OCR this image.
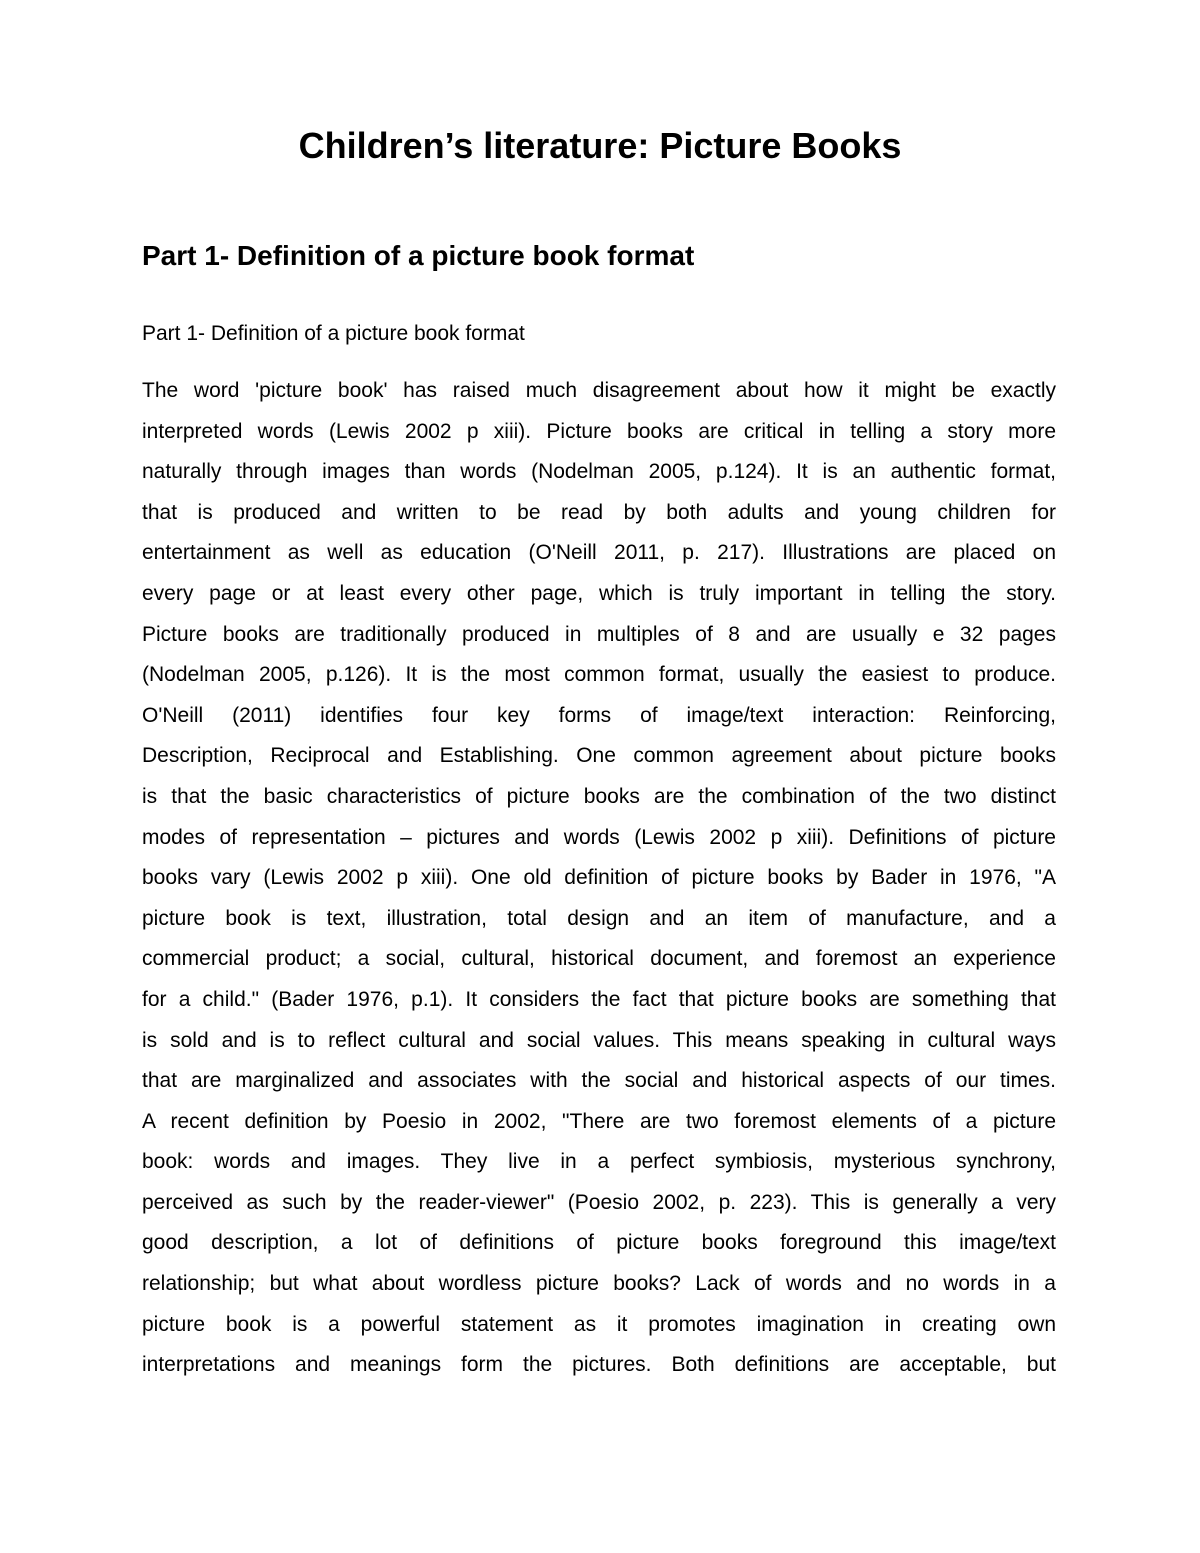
Children’s literature: Picture Books
Part 1- Definition of a picture book format

Part 1- Definition of a picture book format

The word 'picture book' has raised much disagreement about how it might be exactly
interpreted words (Lewis 2002 p xiii). Picture books are critical in telling a story more
naturally through images than words (Nodelman 2005, p.124). It is an authentic format,
that is produced and written to be read by both adults and young children for
entertainment as well as education (O'Neill 2011, p. 217). Illustrations are placed on
every page or at least every other page, which is truly important in telling the story.
Picture books are traditionally produced in multiples of 8 and are usually e 32 pages
(Nodelman 2005, p.126). It is the most common format, usually the easiest to produce.
O'Neill (2011) identifies four key forms of image/text interaction: Reinforcing,
Description, Reciprocal and Establishing. One common agreement about picture books
is that the basic characteristics of picture books are the combination of the two distinct
modes of representation – pictures and words (Lewis 2002 p xiii). Definitions of picture
books vary (Lewis 2002 p xiii). One old definition of picture books by Bader in 1976, "A
picture book is text, illustration, total design and an item of manufacture, and a
commercial product; a social, cultural, historical document, and foremost an experience
for a child." (Bader 1976, p.1). It considers the fact that picture books are something that
is sold and is to reflect cultural and social values. This means speaking in cultural ways
that are marginalized and associates with the social and historical aspects of our times.
A recent definition by Poesio in 2002, "There are two foremost elements of a picture
book: words and images. They live in a perfect symbiosis, mysterious synchrony,
perceived as such by the reader-viewer" (Poesio 2002, p. 223). This is generally a very
good description, a lot of definitions of picture books foreground this image/text
relationship; but what about wordless picture books? Lack of words and no words in a
picture book is a powerful statement as it promotes imagination in creating own
interpretations and meanings form the pictures. Both definitions are acceptable, but
